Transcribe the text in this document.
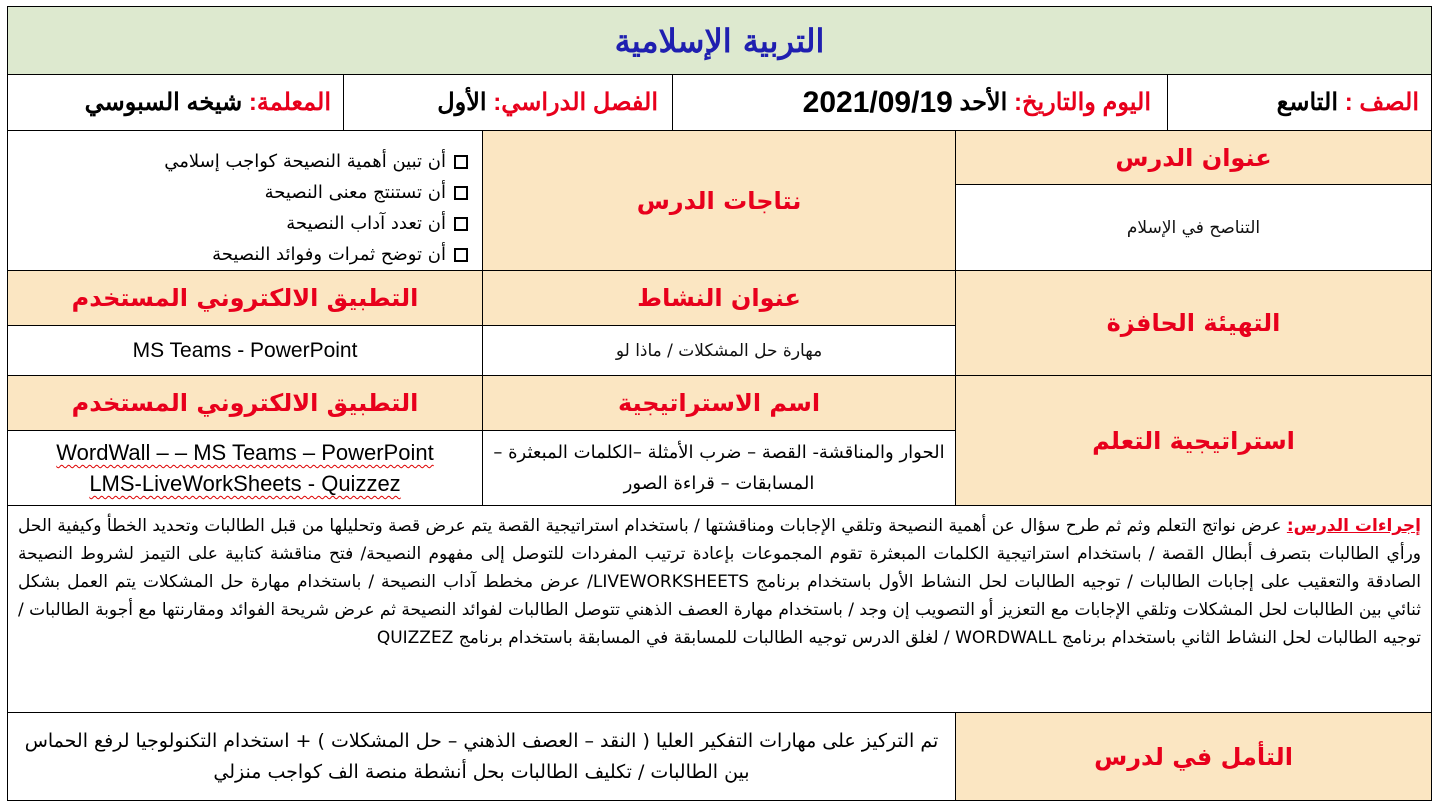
التربية الإسلامية
الصف :

التاسع
اليوم والتاريخ:

الأحد

2021/09/19
الفصل الدراسي:

الأول
المعلمة:

شيخه السبوسي
عنوان الدرس
التناصح في الإسلام
نتاجات الدرس
أن تبين أهمية النصيحة كواجب إسلامي
أن تستنتج معنى النصيحة
أن تعدد آداب النصيحة
أن توضح ثمرات وفوائد النصيحة
التهيئة الحافزة
عنوان النشاط
مهارة حل المشكلات / ماذا لو
التطبيق الالكتروني المستخدم
MS Teams - PowerPoint
استراتيجية التعلم
اسم الاستراتيجية
الحوار والمناقشة- القصة – ضرب الأمثلة –الكلمات المبعثرة –المسابقات – قراءة الصور
التطبيق الالكتروني المستخدم
WordWall – – MS Teams – PowerPoint
LMS-LiveWorkSheets - Quizzez
إجراءات الدرس: عرض نواتج التعلم وثم ثم طرح سؤال عن أهمية النصيحة وتلقي الإجابات ومناقشتها / باستخدام استراتيجية القصة يتم عرض قصة وتحليلها من قبل الطالبات وتحديد الخطأ وكيفية الحل ورأي الطالبات بتصرف أبطال القصة / باستخدام استراتيجية الكلمات المبعثرة تقوم المجموعات بإعادة ترتيب المفردات للتوصل إلى مفهوم النصيحة/ فتح مناقشة كتابية على التيمز لشروط النصيحة الصادقة والتعقيب على إجابات الطالبات / توجيه الطالبات لحل النشاط الأول باستخدام برنامج LIVEWORKSHEETS/ عرض مخطط آداب النصيحة / باستخدام مهارة حل المشكلات يتم العمل بشكل ثنائي بين الطالبات لحل المشكلات وتلقي الإجابات مع التعزيز أو التصويب إن وجد / باستخدام مهارة العصف الذهني تتوصل الطالبات لفوائد النصيحة ثم عرض شريحة الفوائد ومقارنتها مع أجوبة الطالبات / توجيه الطالبات لحل النشاط الثاني باستخدام برنامج WORDWALL / لغلق الدرس توجيه الطالبات للمسابقة في المسابقة باستخدام برنامج QUIZZEZ
التأمل في لدرس
تم التركيز على مهارات التفكير العليا ( النقد – العصف الذهني – حل المشكلات ) + استخدام التكنولوجيا لرفع الحماس بين الطالبات / تكليف الطالبات بحل أنشطة منصة الف كواجب منزلي
